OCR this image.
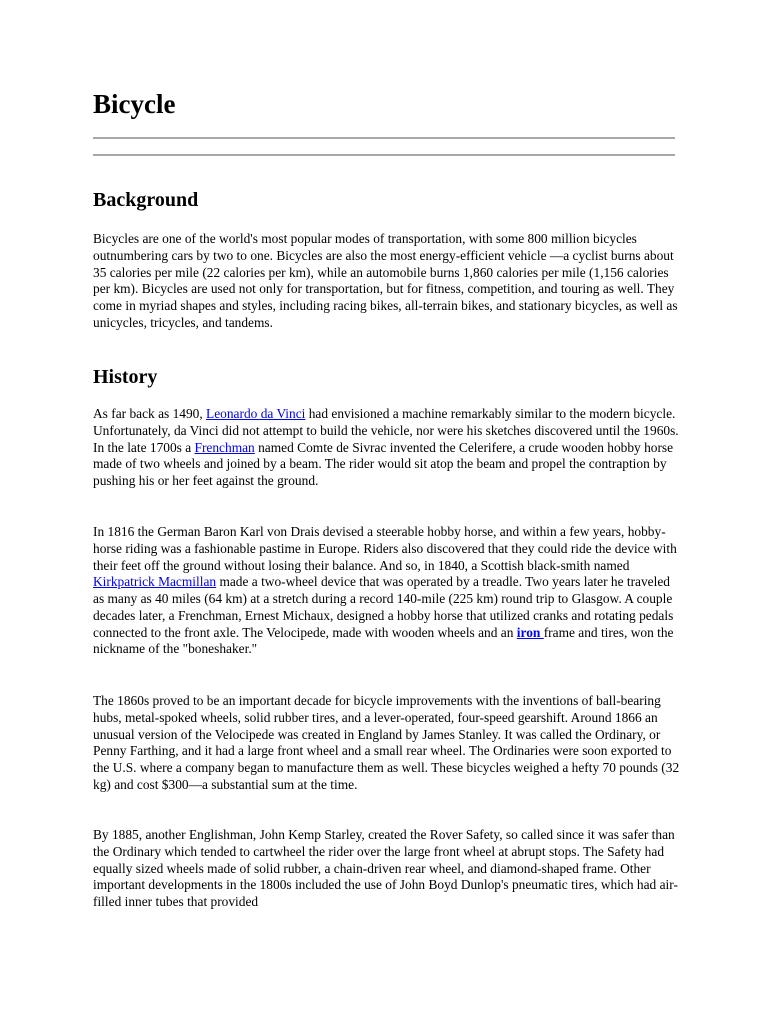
Bicycle
Background

Bicycles are one of the world's most popular modes of transportation, with some 800 million bicycles outnumbering cars by two to one. Bicycles are also the most energy-efficient vehicle —a cyclist burns about 35 calories per mile (22 calories per km), while an automobile burns 1,860 calories per mile (1,156 calories per km). Bicycles are used not only for transportation, but for fitness, competition, and touring as well. They come in myriad shapes and styles, including racing bikes, all-terrain bikes, and stationary bicycles, as well as unicycles, tricycles, and tandems.

History

As far back as 1490, Leonardo da Vinci had envisioned a machine remarkably similar to the modern bicycle. Unfortunately, da Vinci did not attempt to build the vehicle, nor were his sketches discovered until the 1960s. In the late 1700s a Frenchman named Comte de Sivrac invented the Celerifere, a crude wooden hobby horse made of two wheels and joined by a beam. The rider would sit atop the beam and propel the contraption by pushing his or her feet against the ground.

In 1816 the German Baron Karl von Drais devised a steerable hobby horse, and within a few years, hobby-horse riding was a fashionable pastime in Europe. Riders also discovered that they could ride the device with their feet off the ground without losing their balance. And so, in 1840, a Scottish black-smith named Kirkpatrick Macmillan made a two-wheel device that was operated by a treadle. Two years later he traveled as many as 40 miles (64 km) at a stretch during a record 140-mile (225 km) round trip to Glasgow. A couple decades later, a Frenchman, Ernest Michaux, designed a hobby horse that utilized cranks and rotating pedals connected to the front axle. The Velocipede, made with wooden wheels and an iron frame and tires, won the nickname of the "boneshaker."

The 1860s proved to be an important decade for bicycle improvements with the inventions of ball-bearing hubs, metal-spoked wheels, solid rubber tires, and a lever-operated, four-speed gearshift. Around 1866 an unusual version of the Velocipede was created in England by James Stanley. It was called the Ordinary, or Penny Farthing, and it had a large front wheel and a small rear wheel. The Ordinaries were soon exported to the U.S. where a company began to manufacture them as well. These bicycles weighed a hefty 70 pounds (32 kg) and cost $300—a substantial sum at the time.

By 1885, another Englishman, John Kemp Starley, created the Rover Safety, so called since it was safer than the Ordinary which tended to cartwheel the rider over the large front wheel at abrupt stops. The Safety had equally sized wheels made of solid rubber, a chain-driven rear wheel, and diamond-shaped frame. Other important developments in the 1800s included the use of John Boyd Dunlop's pneumatic tires, which had air-filled inner tubes that provided
